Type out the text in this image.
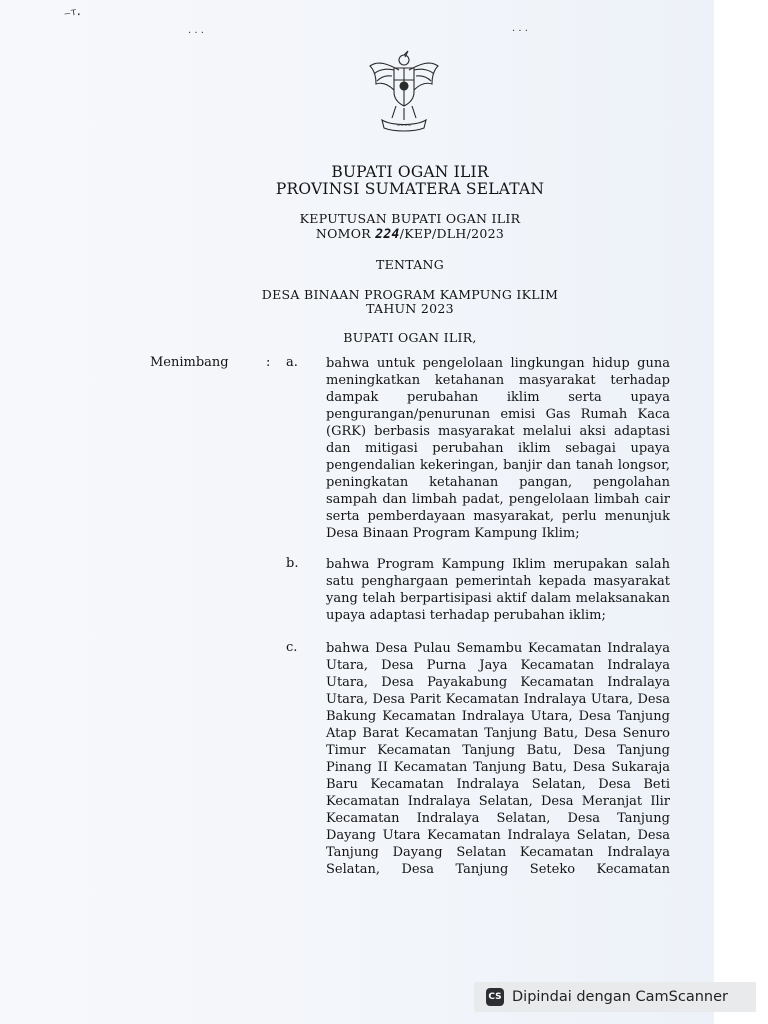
⁻ᵀ·
· · ·	· · ·
~~~~
BUPATI OGAN ILIR
PROVINSI SUMATERA SELATAN
KEPUTUSAN BUPATI OGAN ILIR
NOMOR 224/KEP/DLH/2023
TENTANG
DESA BINAAN PROGRAM KAMPUNG IKLIM
TAHUN 2023
BUPATI OGAN ILIR,
Menimbang	: a. bahwa untuk pengelolaan lingkungan hidup guna
meningkatkan ketahanan masyarakat terhadap
dampak perubahan iklim serta upaya
pengurangan/penurunan emisi Gas Rumah Kaca
(GRK) berbasis masyarakat melalui aksi adaptasi
dan mitigasi perubahan iklim sebagai upaya
pengendalian kekeringan, banjir dan tanah longsor,
peningkatan ketahanan pangan, pengolahan
sampah dan limbah padat, pengelolaan limbah cair
serta pemberdayaan masyarakat, perlu menunjuk
Desa Binaan Program Kampung Iklim;
b. bahwa Program Kampung Iklim merupakan salah
satu penghargaan pemerintah kepada masyarakat
yang telah berpartisipasi aktif dalam melaksanakan
upaya adaptasi terhadap perubahan iklim;
c. bahwa Desa Pulau Semambu Kecamatan Indralaya
Utara, Desa Purna Jaya Kecamatan Indralaya
Utara, Desa Payakabung Kecamatan Indralaya
Utara, Desa Parit Kecamatan Indralaya Utara, Desa
Bakung Kecamatan Indralaya Utara, Desa Tanjung
Atap Barat Kecamatan Tanjung Batu, Desa Senuro
Timur Kecamatan Tanjung Batu, Desa Tanjung
Pinang II Kecamatan Tanjung Batu, Desa Sukaraja
Baru Kecamatan Indralaya Selatan, Desa Beti
Kecamatan Indralaya Selatan, Desa Meranjat Ilir
Kecamatan Indralaya Selatan, Desa Tanjung
Dayang Utara Kecamatan Indralaya Selatan, Desa
Tanjung Dayang Selatan Kecamatan Indralaya
Selatan, Desa Tanjung Seteko Kecamatan
CS Dipindai dengan CamScanner
